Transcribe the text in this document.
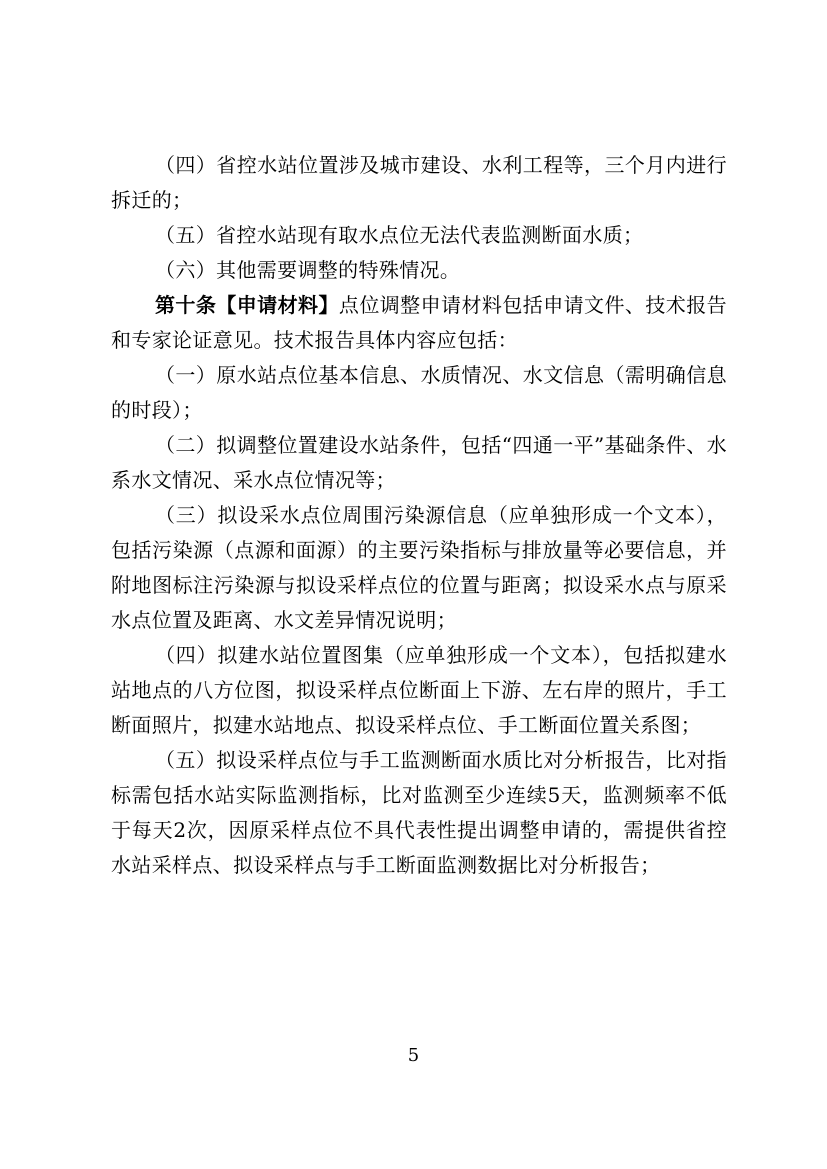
（四）省控水站位置涉及城市建设、水利工程等，三个月内进行拆迁的；

（五）省控水站现有取水点位无法代表监测断面水质；

（六）其他需要调整的特殊情况。

第十条【申请材料】点位调整申请材料包括申请文件、技术报告和专家论证意见。技术报告具体内容应包括：

（一）原水站点位基本信息、水质情况、水文信息（需明确信息的时段）；

（二）拟调整位置建设水站条件，包括“四通一平”基础条件、水系水文情况、采水点位情况等；

（三）拟设采水点位周围污染源信息（应单独形成一个文本），包括污染源（点源和面源）的主要污染指标与排放量等必要信息，并附地图标注污染源与拟设采样点位的位置与距离；拟设采水点与原采水点位置及距离、水文差异情况说明；

（四）拟建水站位置图集（应单独形成一个文本），包括拟建水站地点的八方位图，拟设采样点位断面上下游、左右岸的照片，手工断面照片，拟建水站地点、拟设采样点位、手工断面位置关系图；

（五）拟设采样点位与手工监测断面水质比对分析报告，比对指标需包括水站实际监测指标，比对监测至少连续5天，监测频率不低于每天2次，因原采样点位不具代表性提出调整申请的，需提供省控水站采样点、拟设采样点与手工断面监测数据比对分析报告；

5
